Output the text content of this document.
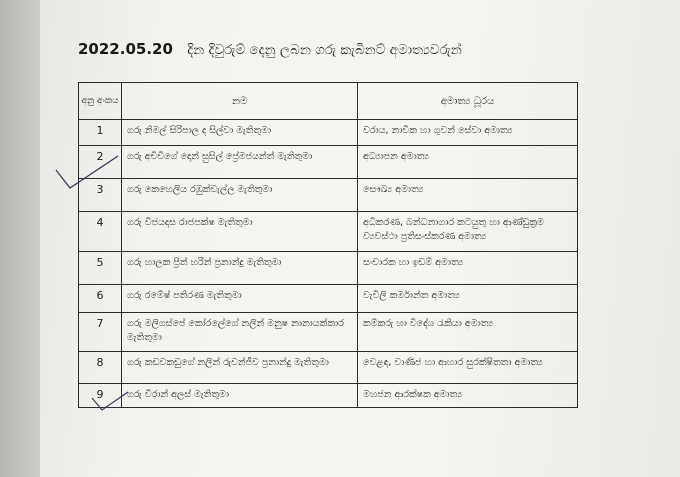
2022.05.20 දින දිවුරුම් දෙනු ලබන ගරු කැබිනට් අමාත්‍යවරුන්
අනු අංකය	නම	අමාත්‍ය ධූරය
1	ගරු නිමල් සිරිපාල ද සිල්වා මැතිතුමා	වරාය, නාවික හා ගුවන් සේවා අමාත්‍ය
2	ගරු අචිචිගේ දොන් සුසිල් ප්‍රේමජයන්ත් මැතිතුමා	අධ්‍යාපන අමාත්‍ය
3	ගරු කෙහෙලිය රඹුක්වැල්ල මැතිතුමා	සෞඛ්‍ය අමාත්‍ය
4	ගරු විජයදාස රාජපක්ෂ මැතිතුමා	අධිකරණ, බන්ධනාගාර කටයුතු හා ආණ්ඩුක්‍රම ව්‍යවස්ථා ප්‍රතිසංස්කරණ අමාත්‍ය
5	ගරු හාලක ප්‍රිත් හරින් ප්‍රනාන්දු මැතිතුමා	සංචාරක හා ඉඩම් අමාත්‍ය
6	ගරු රමේෂ් පතිරණ මැතිතුමා	වැවිලි කර්මාන්ත අමාත්‍ය
7	ගරු මලිගස්පේ කෝරලේගේ නලින් මනුෂ නානායක්කාර මැතිතුමා	කම්කරු හා විදේශ රැකියා අමාත්‍ය
8	ගරු කඩවකඩුගේ නලින් රුවන්ජීව ප්‍රනාන්දු මැතිතුමා	වෙළඳ, වාණිජ හා ආහාර සුරක්ෂිතතා අමාත්‍ය
9	ගරු විරාන් අලස් මැතිතුමා	මහජන ආරක්ෂක අමාත්‍ය
